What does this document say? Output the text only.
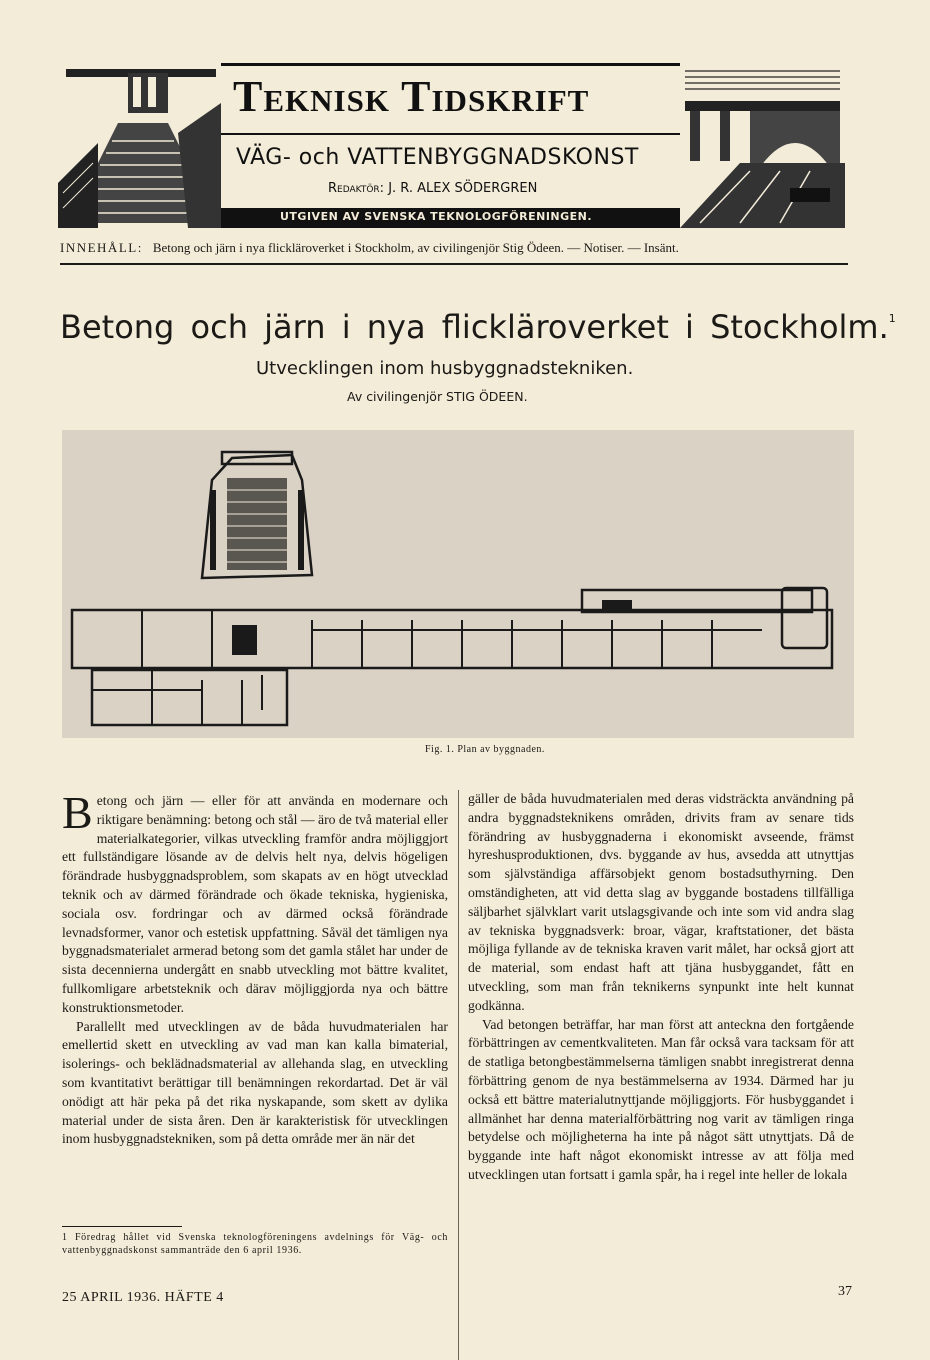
Teknisk Tidskrift
VÄG- och VATTENBYGGNADSKONST
Redaktör: J. R. ALEX SÖDERGREN
UTGIVEN AV SVENSKA TEKNOLOGFÖRENINGEN.
INNEHÅLL: Betong och järn i nya flickläroverket i Stockholm, av civilingenjör Stig Ödeen. — Notiser. — Insänt.
Betong och järn i nya flickläroverket i Stockholm.$^1$
Utvecklingen inom husbyggnadstekniken.
Av civilingenjör STIG ÖDEEN.
Fig. 1. Plan av byggnaden.

Betong och järn — eller för att använda en modernare och riktigare benämning: betong och stål — äro de två material eller materialkategorier, vilkas utveckling framför andra möjliggjort ett fullständigare lösande av de delvis helt nya, delvis högeligen förändrade husbyggnadsproblem, som skapats av en högt utvecklad teknik och av därmed förändrade och ökade tekniska, hygieniska, sociala osv. fordringar och av därmed också förändrade levnadsformer, vanor och estetisk uppfattning. Såväl det tämligen nya byggnadsmaterialet armerad betong som det gamla stålet har under de sista decennierna undergått en snabb utveckling mot bättre kvalitet, fullkomligare arbetsteknik och därav möjliggjorda nya och bättre konstruktionsmetoder.

Parallellt med utvecklingen av de båda huvudmaterialen har emellertid skett en utveckling av vad man kan kalla bimaterial, isolerings- och beklädnadsmaterial av allehanda slag, en utveckling som kvantitativt berättigar till benämningen rekordartad. Det är väl onödigt att här peka på det rika nyskapande, som skett av dylika material under de sista åren. Den är karakteristisk för utvecklingen inom husbyggnadstekniken, som på detta område mer än när det

gäller de båda huvudmaterialen med deras vidsträckta användning på andra byggnadsteknikens områden, drivits fram av senare tids förändring av husbyggnaderna i ekonomiskt avseende, främst hyreshusproduktionen, dvs. byggande av hus, avsedda att utnyttjas som självständiga affärsobjekt genom bostadsuthyrning. Den omständigheten, att vid detta slag av byggande bostadens tillfälliga säljbarhet självklart varit utslagsgivande och inte som vid andra slag av tekniska byggnadsverk: broar, vägar, kraftstationer, det bästa möjliga fyllande av de tekniska kraven varit målet, har också gjort att de material, som endast haft att tjäna husbyggandet, fått en utveckling, som man från teknikerns synpunkt inte helt kunnat godkänna.

Vad betongen beträffar, har man först att anteckna den fortgående förbättringen av cementkvaliteten. Man får också vara tacksam för att de statliga betongbestämmelserna tämligen snabbt inregistrerat denna förbättring genom de nya bestämmelserna av 1934. Därmed har ju också ett bättre materialutnyttjande möjliggjorts. För husbyggandet i allmänhet har denna materialförbättring nog varit av tämligen ringa betydelse och möjligheterna ha inte på något sätt utnyttjats. Då de byggande inte haft något ekonomiskt intresse av att följa med utvecklingen utan fortsatt i gamla spår, ha i regel inte heller de lokala

1 Föredrag hållet vid Svenska teknologföreningens avdelnings för Väg- och vattenbyggnadskonst sammanträde den 6 april 1936.
25 APRIL 1936. HÄFTE 4	37
